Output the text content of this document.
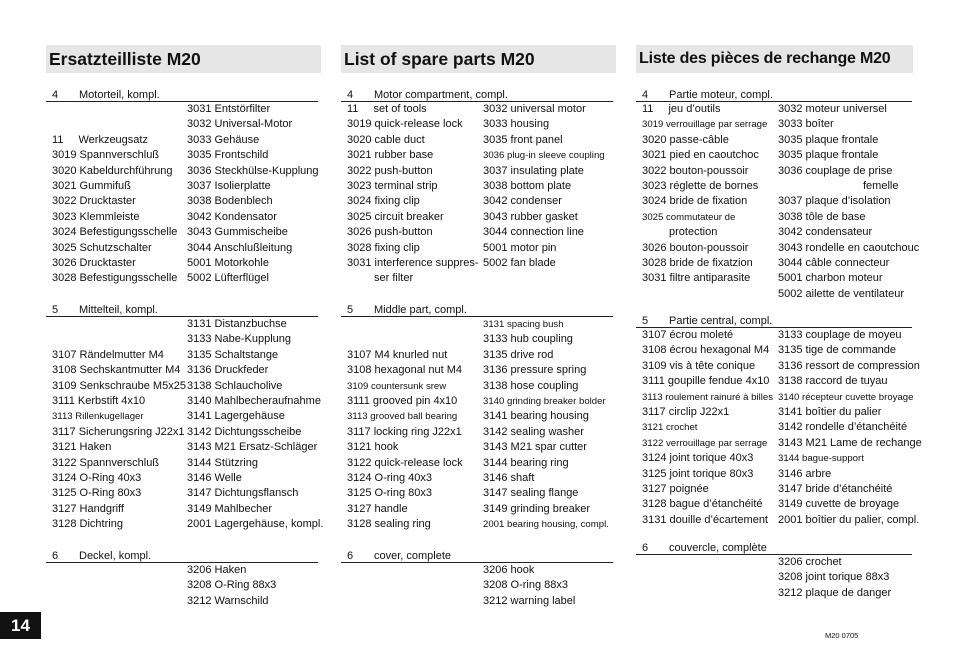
Ersatzteilliste M20
4 Motorteil, kompl.
11 Werkzeugsatz
3019 Spannverschluß
3020 Kabeldurchführung
3021 Gummifuß
3022 Drucktaster
3023 Klemmleiste
3024 Befestigungsschelle
3025 Schutzschalter
3026 Drucktaster
3028 Befestigungsschelle
3031 Entstörfilter
3032 Universal-Motor
3033 Gehäuse
3035 Frontschild
3036 Steckhülse-Kupplung
3037 Isolierplatte
3038 Bodenblech
3042 Kondensator
3043 Gummischeibe
3044 Anschlußleitung
5001 Motorkohle
5002 Lüfterflügel
5 Mittelteil, kompl.
3107 Rändelmutter M4
3108 Sechskantmutter M4
3109 Senkschraube M5x25
3111 Kerbstift 4x10
3113 Rillenkugellager
3117 Sicherungsring J22x1
3121 Haken
3122 Spannverschluß
3124 O-Ring 40x3
3125 O-Ring 80x3
3127 Handgriff
3128 Dichtring
3131 Distanzbuchse
3133 Nabe-Kupplung
3135 Schaltstange
3136 Druckfeder
3138 Schlaucholive
3140 Mahlbecheraufnahme
3141 Lagergehäuse
3142 Dichtungsscheibe
3143 M21 Ersatz-Schläger
3144 Stützring
3146 Welle
3147 Dichtungsflansch
3149 Mahlbecher
2001 Lagergehäuse, kompl.
6 Deckel, kompl.
3206 Haken
3208 O-Ring 88x3
3212 Warnschild
List of spare parts M20
4 Motor compartment, compl.
11 set of tools
3019 quick-release lock
3020 cable duct
3021 rubber base
3022 push-button
3023 terminal strip
3024 fixing clip
3025 circuit breaker
3026 push-button
3028 fixing clip
3031 interference suppres-
ser filter
3032 universal motor
3033 housing
3035 front panel
3036 plug-in sleeve coupling
3037 insulating plate
3038 bottom plate
3042 condenser
3043 rubber gasket
3044 connection line
5001 motor pin
5002 fan blade
5 Middle part, compl.
3107 M4 knurled nut
3108 hexagonal nut M4
3109 countersunk srew
3111 grooved pin 4x10
3113 grooved ball bearing
3117 locking ring J22x1
3121 hook
3122 quick-release lock
3124 O-ring 40x3
3125 O-ring 80x3
3127 handle
3128 sealing ring
3131 spacing bush
3133 hub coupling
3135 drive rod
3136 pressure spring
3138 hose coupling
3140 grinding breaker bolder
3141 bearing housing
3142 sealing washer
3143 M21 spar cutter
3144 bearing ring
3146 shaft
3147 sealing flange
3149 grinding breaker
2001 bearing housing, compl.
6 cover, complete
3206 hook
3208 O-ring 88x3
3212 warning label
Liste des pièces de rechange M20
4 Partie moteur, compl.
11 jeu d’outils
3019 verrouillage par serrage
3020 passe-câble
3021 pied en caoutchoc
3022 bouton-poussoir
3023 réglette de bornes
3024 bride de fixation
3025 commutateur de
protection
3026 bouton-poussoir
3028 bride de fixatzion
3031 filtre antiparasite
3032 moteur universel
3033 boîter
3035 plaque frontale
3035 plaque frontale
3036 couplage de prise
femelle
3037 plaque d’isolation
3038 tôle de base
3042 condensateur
3043 rondelle en caoutchouc
3044 câble connecteur
5001 charbon moteur
5002 ailette de ventilateur
5 Partie central, compl.
3107 écrou moleté
3108 écrou hexagonal M4
3109 vis à tête conique
3111 goupille fendue 4x10
3113 roulement rainuré à billes
3117 circlip J22x1
3121 crochet
3122 verrouillage par serrage
3124 joint torique 40x3
3125 joint torique 80x3
3127 poignée
3128 bague d’étanchéité
3131 douille d’écartement
3133 couplage de moyeu
3135 tige de commande
3136 ressort de compression
3138 raccord de tuyau
3140 récepteur cuvette broyage
3141 boîtier du palier
3142 rondelle d’étanchéité
3143 M21 Lame de rechange
3144 bague-support
3146 arbre
3147 bride d’étanchéité
3149 cuvette de broyage
2001 boîtier du palier, compl.
6 couvercle, complète
3206 crochet
3208 joint torique 88x3
3212 plaque de danger
14
M20 0705
